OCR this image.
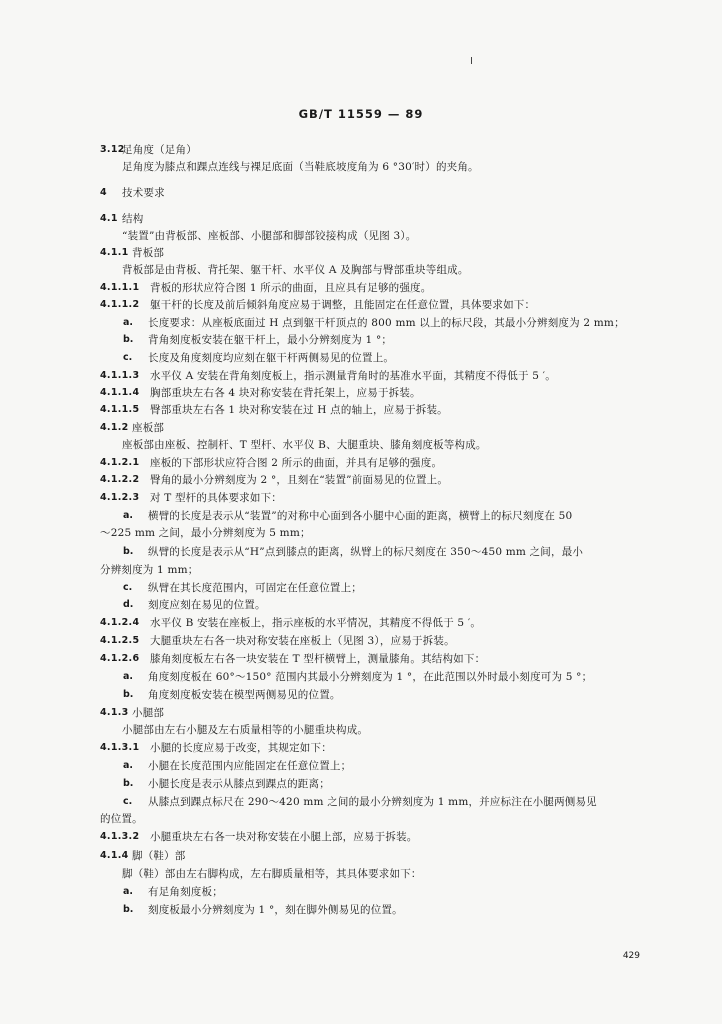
GB/T 11559 — 89
3.12
足角度（足角）
足角度为膝点和踝点连线与裸足底面（当鞋底坡度角为 6 °30′时）的夹角。
4 技术要求
4.1 结构
“装置”由背板部、座板部、小腿部和脚部铰接构成（见图 3）。
4.1.1 背板部
背板部是由背板、背托架、躯干杆、水平仪 A 及胸部与臀部重块等组成。
4.1.1.1 背板的形状应符合图 1 所示的曲面，且应具有足够的强度。
4.1.1.2 躯干杆的长度及前后倾斜角度应易于调整，且能固定在任意位置，具体要求如下：
a. 长度要求：从座板底面过 H 点到躯干杆顶点的 800 mm 以上的标尺段，其最小分辨刻度为 2 mm；
b. 背角刻度板安装在躯干杆上，最小分辨刻度为 1 °；
c. 长度及角度刻度均应刻在躯干杆两侧易见的位置上。
4.1.1.3 水平仪 A 安装在背角刻度板上，指示测量背角时的基准水平面，其精度不得低于 5 ′。
4.1.1.4 胸部重块左右各 4 块对称安装在背托架上，应易于拆装。
4.1.1.5 臀部重块左右各 1 块对称安装在过 H 点的轴上，应易于拆装。
4.1.2 座板部
座板部由座板、控制杆、T 型杆、水平仪 B、大腿重块、膝角刻度板等构成。
4.1.2.1 座板的下部形状应符合图 2 所示的曲面，并具有足够的强度。
4.1.2.2 臀角的最小分辨刻度为 2 °，且刻在“装置”前面易见的位置上。
4.1.2.3 对 T 型杆的具体要求如下：
a. 横臂的长度是表示从“装置”的对称中心面到各小腿中心面的距离，横臂上的标尺刻度在 50
～225 mm 之间，最小分辨刻度为 5 mm；
b. 纵臂的长度是表示从“H”点到膝点的距离，纵臂上的标尺刻度在 350～450 mm 之间，最小
分辨刻度为 1 mm；
c. 纵臂在其长度范围内，可固定在任意位置上；
d. 刻度应刻在易见的位置。
4.1.2.4 水平仪 B 安装在座板上，指示座板的水平情况，其精度不得低于 5 ′。
4.1.2.5 大腿重块左右各一块对称安装在座板上（见图 3），应易于拆装。
4.1.2.6 膝角刻度板左右各一块安装在 T 型杆横臂上，测量膝角。其结构如下：
a. 角度刻度板在 60°～150° 范围内其最小分辨刻度为 1 °，在此范围以外时最小刻度可为 5 °；
b. 角度刻度板安装在模型两侧易见的位置。
4.1.3 小腿部
小腿部由左右小腿及左右质量相等的小腿重块构成。
4.1.3.1 小腿的长度应易于改变，其规定如下：
a. 小腿在长度范围内应能固定在任意位置上；
b. 小腿长度是表示从膝点到踝点的距离；
c. 从膝点到踝点标尺在 290～420 mm 之间的最小分辨刻度为 1 mm，并应标注在小腿两侧易见
的位置。
4.1.3.2 小腿重块左右各一块对称安装在小腿上部，应易于拆装。
4.1.4 脚（鞋）部
脚（鞋）部由左右脚构成，左右脚质量相等，其具体要求如下：
a. 有足角刻度板；
b. 刻度板最小分辨刻度为 1 °，刻在脚外侧易见的位置。
429
